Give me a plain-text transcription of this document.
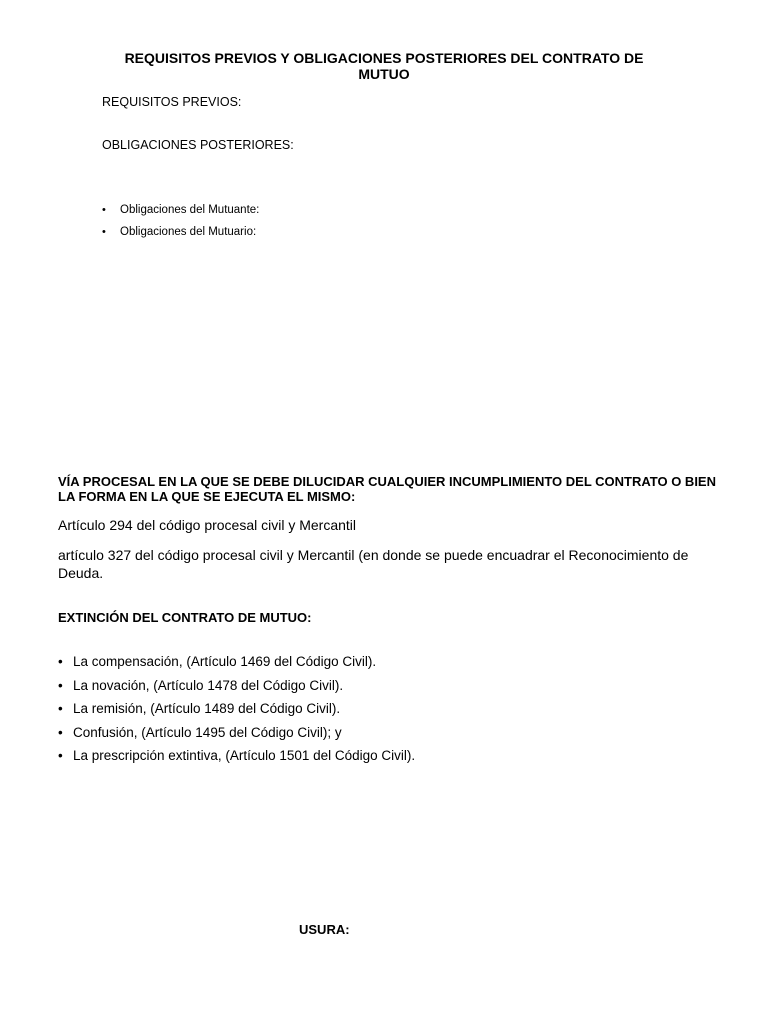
REQUISITOS PREVIOS Y OBLIGACIONES POSTERIORES DEL CONTRATO DE MUTUO

REQUISITOS PREVIOS:

OBLIGACIONES POSTERIORES:

• Obligaciones del Mutuante:
• Obligaciones del Mutuario:
VÍA PROCESAL EN LA QUE SE DEBE DILUCIDAR CUALQUIER INCUMPLIMIENTO DEL CONTRATO O BIEN LA FORMA EN LA QUE SE EJECUTA EL MISMO:

Artículo 294 del código procesal civil y Mercantil

artículo 327 del código procesal civil y Mercantil (en donde se puede encuadrar el Reconocimiento de Deuda.

EXTINCIÓN DEL CONTRATO DE MUTUO:
• La compensación, (Artículo 1469 del Código Civil).
• La novación, (Artículo 1478 del Código Civil).
• La remisión, (Artículo 1489 del Código Civil).
• Confusión, (Artículo 1495 del Código Civil); y
• La prescripción extintiva, (Artículo 1501 del Código Civil).
USURA:
